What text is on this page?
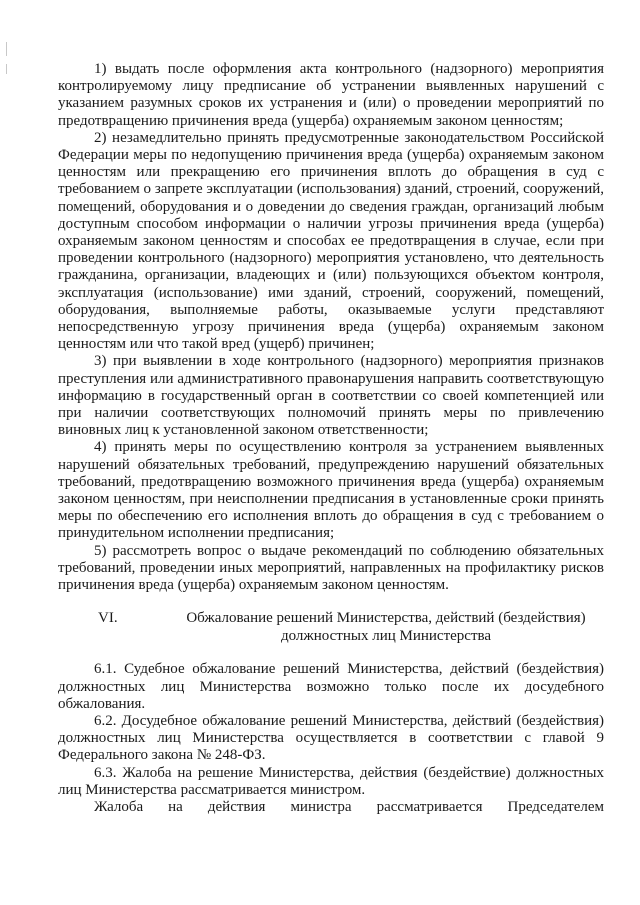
1) выдать после оформления акта контрольного (надзорного) мероприятия контролируемому лицу предписание об устранении выявленных нарушений с указанием разумных сроков их устранения и (или) о проведении мероприятий по предотвращению причинения вреда (ущерба) охраняемым законом ценностям;

2) незамедлительно принять предусмотренные законодательством Российской Федерации меры по недопущению причинения вреда (ущерба) охраняемым законом ценностям или прекращению его причинения вплоть до обращения в суд с требованием о запрете эксплуатации (использования) зданий, строений, сооружений, помещений, оборудования и о доведении до сведения граждан, организаций любым доступным способом информации о наличии угрозы причинения вреда (ущерба) охраняемым законом ценностям и способах ее предотвращения в случае, если при проведении контрольного (надзорного) мероприятия установлено, что деятельность гражданина, организации, владеющих и (или) пользующихся объектом контроля, эксплуатация (использование) ими зданий, строений, сооружений, помещений, оборудования, выполняемые работы, оказываемые услуги представляют непосредственную угрозу причинения вреда (ущерба) охраняемым законом ценностям или что такой вред (ущерб) причинен;

3) при выявлении в ходе контрольного (надзорного) мероприятия признаков преступления или административного правонарушения направить соответствующую информацию в государственный орган в соответствии со своей компетенцией или при наличии соответствующих полномочий принять меры по привлечению виновных лиц к установленной законом ответственности;

4) принять меры по осуществлению контроля за устранением выявленных нарушений обязательных требований, предупреждению нарушений обязательных требований, предотвращению возможного причинения вреда (ущерба) охраняемым законом ценностям, при неисполнении предписания в установленные сроки принять меры по обеспечению его исполнения вплоть до обращения в суд с требованием о принудительном исполнении предписания;

5) рассмотреть вопрос о выдаче рекомендаций по соблюдению обязательных требований, проведении иных мероприятий, направленных на профилактику рисков причинения вреда (ущерба) охраняемым законом ценностям.

VI.	Обжалование решений Министерства, действий (бездействия) должностных лиц Министерства

6.1. Судебное обжалование решений Министерства, действий (бездействия) должностных лиц Министерства возможно только после их досудебного обжалования.

6.2. Досудебное обжалование решений Министерства, действий (бездействия) должностных лиц Министерства осуществляется в соответствии с главой 9 Федерального закона № 248-ФЗ.

6.3. Жалоба на решение Министерства, действия (бездействие) должностных лиц Министерства рассматривается министром.

Жалоба на действия министра рассматривается Председателем
